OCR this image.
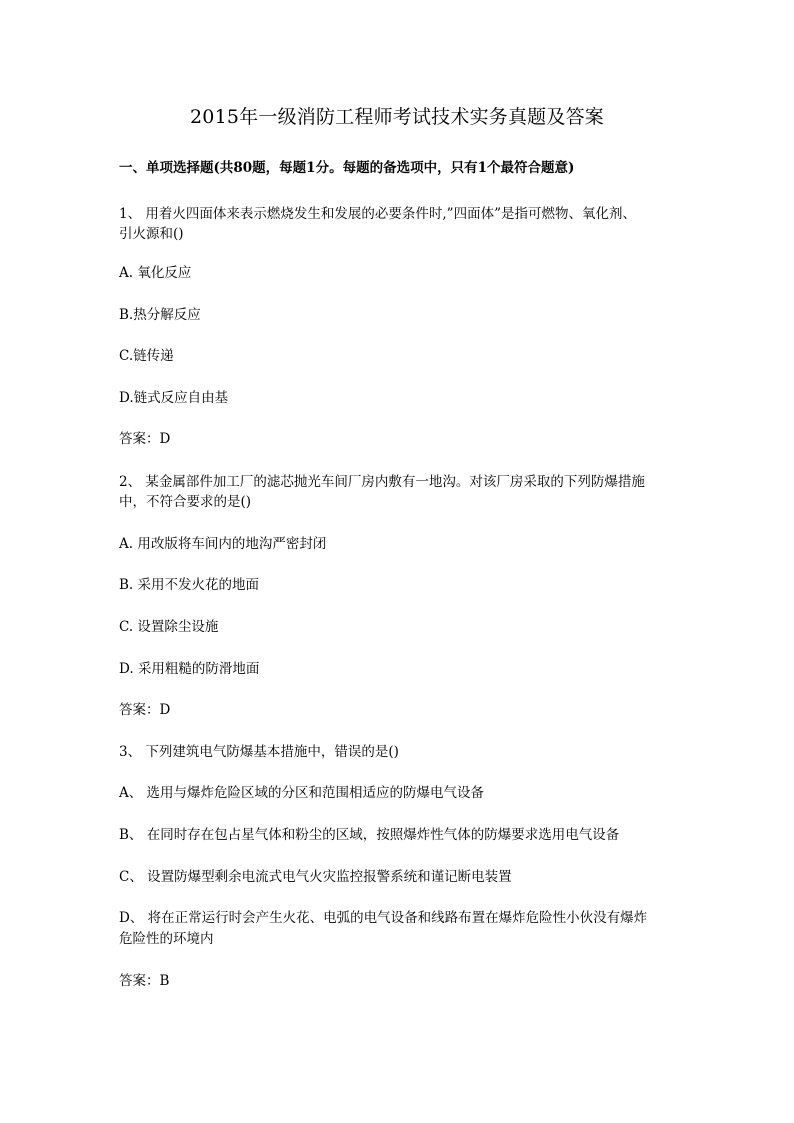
2015年一级消防工程师考试技术实务真题及答案
一、单项选择题(共80题，每题1分。每题的备选项中，只有1个最符合题意)
1、 用着火四面体来表示燃烧发生和发展的必要条件时,”四面体”是指可燃物、氧化剂、
引火源和()
A. 氧化反应
B.热分解反应
C.链传递
D.链式反应自由基
答案：D
2、 某金属部件加工厂的滤芯抛光车间厂房内敷有一地沟。对该厂房采取的下列防爆措施
中，不符合要求的是()
A. 用改版将车间内的地沟严密封闭
B. 采用不发火花的地面
C. 设置除尘设施
D. 采用粗糙的防滑地面
答案：D
3、 下列建筑电气防爆基本措施中，错误的是()
A、 选用与爆炸危险区域的分区和范围相适应的防爆电气设备
B、 在同时存在包占星气体和粉尘的区域，按照爆炸性气体的防爆要求选用电气设备
C、 设置防爆型剩余电流式电气火灾监控报警系统和谨记断电装置
D、 将在正常运行时会产生火花、电弧的电气设备和线路布置在爆炸危险性小伙没有爆炸
危险性的环境内
答案：B
